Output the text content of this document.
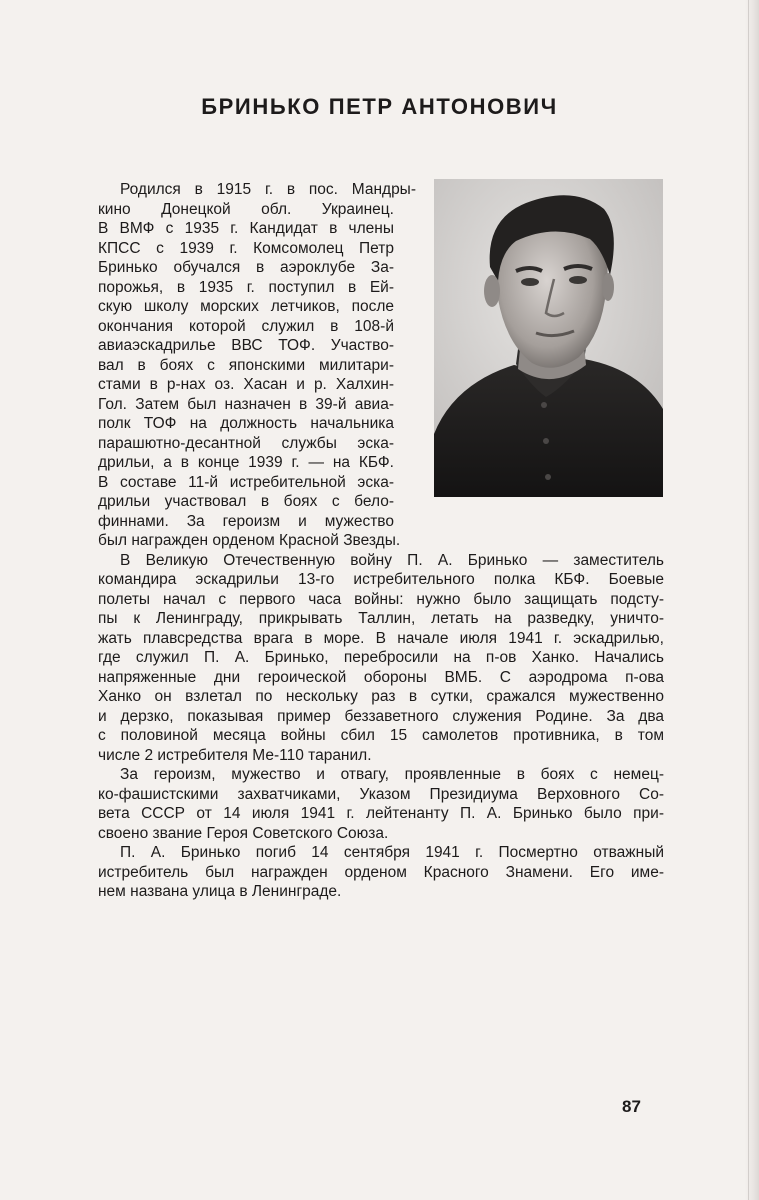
БРИНЬКО ПЕТР АНТОНОВИЧ
Родился в 1915 г. в пос. Мандры-
кино Донецкой обл. Украинец.
В ВМФ с 1935 г. Кандидат в члены
КПСС с 1939 г. Комсомолец Петр
Бринько обучался в аэроклубе За-
порожья, в 1935 г. поступил в Ей-
скую школу морских летчиков, после
окончания которой служил в 108-й
авиаэскадрилье ВВС ТОФ. Участво-
вал в боях с японскими милитари-
стами в р-нах оз. Хасан и р. Халхин-
Гол. Затем был назначен в 39-й авиа-
полк ТОФ на должность начальника
парашютно-десантной службы эска-
дрильи, а в конце 1939 г. — на КБФ.
В составе 11-й истребительной эска-
дрильи участвовал в боях с бело-
финнами. За героизм и мужество
был награжден орденом Красной Звезды.
В Великую Отечественную войну П. А. Бринько — заместитель
командира эскадрильи 13-го истребительного полка КБФ. Боевые
полеты начал с первого часа войны: нужно было защищать подсту-
пы к Ленинграду, прикрывать Таллин, летать на разведку, уничто-
жать плавсредства врага в море. В начале июля 1941 г. эскадрилью,
где служил П. А. Бринько, перебросили на п-ов Ханко. Начались
напряженные дни героической обороны ВМБ. С аэродрома п-ова
Ханко он взлетал по нескольку раз в сутки, сражался мужественно
и дерзко, показывая пример беззаветного служения Родине. За два
с половиной месяца войны сбил 15 самолетов противника, в том
числе 2 истребителя Ме-110 таранил.
За героизм, мужество и отвагу, проявленные в боях с немец-
ко-фашистскими захватчиками, Указом Президиума Верховного Со-
вета СССР от 14 июля 1941 г. лейтенанту П. А. Бринько было при-
своено звание Героя Советского Союза.
П. А. Бринько погиб 14 сентября 1941 г. Посмертно отважный
истребитель был награжден орденом Красного Знамени. Его име-
нем названа улица в Ленинграде.
87
